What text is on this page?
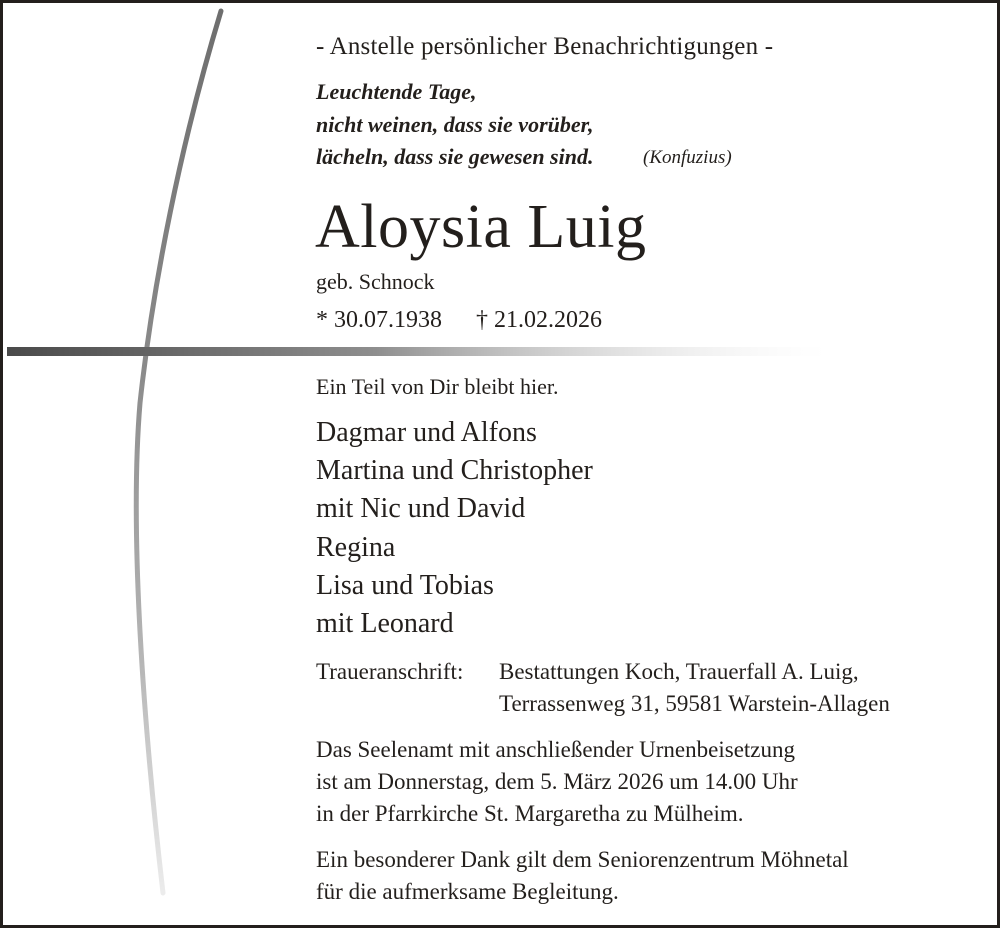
- Anstelle persönlicher Benachrichtigungen -

Leuchtende Tage,

nicht weinen, dass sie vorüber,

lächeln, dass sie gewesen sind.	(Konfuzius)

Aloysia Luig

geb. Schnock

* 30.07.1938 † 21.02.2026

Ein Teil von Dir bleibt hier.

Dagmar und Alfons

Martina und Christopher

mit Nic und David

Regina

Lisa und Tobias

mit Leonard

Traueranschrift: Bestattungen Koch, Trauerfall A. Luig,

Terrassenweg 31, 59581 Warstein-Allagen

Das Seelenamt mit anschließender Urnenbeisetzung

ist am Donnerstag, dem 5. März 2026 um 14.00 Uhr

in der Pfarrkirche St. Margaretha zu Mülheim.

Ein besonderer Dank gilt dem Seniorenzentrum Möhnetal

für die aufmerksame Begleitung.
